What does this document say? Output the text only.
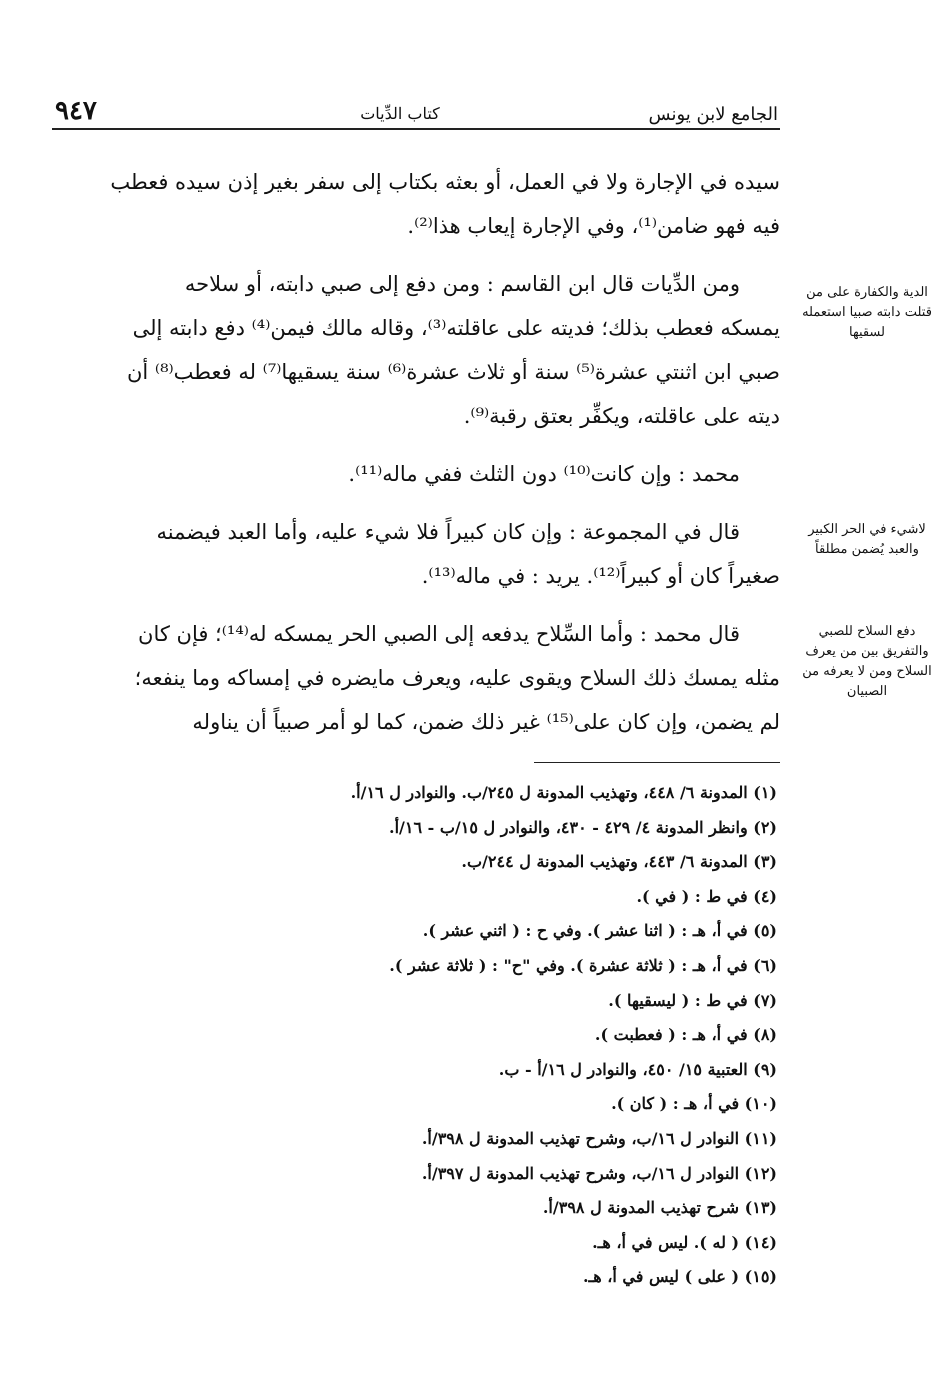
الجامع لابن يونس
كتاب الدِّيات
٩٤٧

سيده في الإجارة ولا في العمل، أو بعثه بكتاب إلى سفر بغير إذن سيده فعطب

فيه فهو ضامن⁽¹⁾، وفي الإجارة إيعاب هذا⁽²⁾.

ومن الدِّيات قال ابن القاسم : ومن دفع إلى صبي دابته، أو سلاحه

يمسكه فعطب بذلك؛ فديته على عاقلته⁽³⁾، وقاله مالك فيمن⁽⁴⁾ دفع دابته إلى

صبي ابن اثنتي عشرة⁽⁵⁾ سنة أو ثلاث عشرة⁽⁶⁾ سنة يسقيها⁽⁷⁾ له فعطب⁽⁸⁾ أن

ديته على عاقلته، ويكفِّر بعتق رقبة⁽⁹⁾.

محمد : وإن كانت⁽¹⁰⁾ دون الثلث ففي ماله⁽¹¹⁾.

قال في المجموعة : وإن كان كبيراً فلا شيء عليه، وأما العبد فيضمنه

صغيراً كان أو كبيراً⁽¹²⁾. يريد : في ماله⁽¹³⁾.

قال محمد : وأما السِّلاح يدفعه إلى الصبي الحر يمسكه له⁽¹⁴⁾؛ فإن كان

مثله يمسك ذلك السلاح ويقوى عليه، ويعرف مايضره في إمساكه وما ينفعه؛

لم يضمن، وإن كان على⁽¹⁵⁾ غير ذلك ضمن، كما لو أمر صبياً أن يناوله

الدية والكفارة على من قتلت دابته صبيا استعمله لسقيها
لاشيء في الحر الكبير والعبد يُضمن مطلقاً
دفع السلاح للصبي والتفريق بين من يعرف السلاح ومن لا يعرفه من الصبيان
(١) المدونة ٦/ ٤٤٨، وتهذيب المدونة ل ٢٤٥/ب. والنوادر ل ١٦/أ.
(٢) وانظر المدونة ٤/ ٤٢٩ - ٤٣٠، والنوادر ل ١٥/ب - ١٦/أ.
(٣) المدونة ٦/ ٤٤٣، وتهذيب المدونة ل ٢٤٤/ب.
(٤) في ط : ( في ).
(٥) في أ، هـ : ( اثنا عشر ). وفي ح : ( اثني عشر ).
(٦) في أ، هـ : ( ثلاثة عشرة ). وفي "ح" : ( ثلاثة عشر ).
(٧) في ط : ( ليسقيها ).
(٨) في أ، هـ : ( فعطبت ).
(٩) العتبية ١٥/ ٤٥٠، والنوادر ل ١٦/أ - ب.
(١٠) في أ، هـ : ( كان ).
(١١) النوادر ل ١٦/ب، وشرح تهذيب المدونة ل ٣٩٨/أ.
(١٢) النوادر ل ١٦/ب، وشرح تهذيب المدونة ل ٣٩٧/أ.
(١٣) شرح تهذيب المدونة ل ٣٩٨/أ.
(١٤) ( له ). ليس في أ، هـ.
(١٥) ( على ) ليس في أ، هـ.
